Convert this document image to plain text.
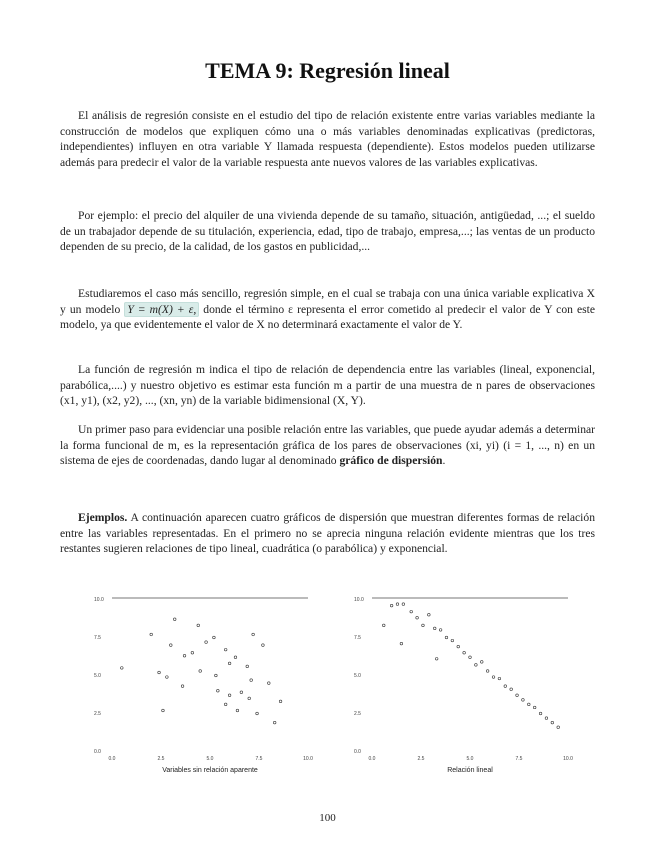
TEMA 9: Regresión lineal

El análisis de regresión consiste en el estudio del tipo de relación existente entre varias variables mediante la construcción de modelos que expliquen cómo una o más variables denominadas explicativas (predictoras, independientes) influyen en otra variable Y llamada respuesta (dependiente). Estos modelos pueden utilizarse además para predecir el valor de la variable respuesta ante nuevos valores de las variables explicativas.

Por ejemplo: el precio del alquiler de una vivienda depende de su tamaño, situación, antigüedad, ...; el sueldo de un trabajador depende de su titulación, experiencia, edad, tipo de trabajo, empresa,...; las ventas de un producto dependen de su precio, de la calidad, de los gastos en publicidad,...

Estudiaremos el caso más sencillo, regresión simple, en el cual se trabaja con una única variable explicativa X y un modelo Y = m(X) + ε, donde el término ε representa el error cometido al predecir el valor de Y con este modelo, ya que evidentemente el valor de X no determinará exactamente el valor de Y.

La función de regresión m indica el tipo de relación de dependencia entre las variables (lineal, exponencial, parabólica,....) y nuestro objetivo es estimar esta función m a partir de una muestra de n pares de observaciones (x1, y1), (x2, y2), ..., (xn, yn) de la variable bidimensional (X, Y).

Un primer paso para evidenciar una posible relación entre las variables, que puede ayudar además a determinar la forma funcional de m, es la representación gráfica de los pares de observaciones (xi, yi) (i = 1, ..., n) en un sistema de ejes de coordenadas, dando lugar al denominado gráfico de dispersión.

Ejemplos. A continuación aparecen cuatro gráficos de dispersión que muestran diferentes formas de relación entre las variables representadas. En el primero no se aprecia ninguna relación evidente mientras que los tres restantes sugieren relaciones de tipo lineal, cuadrática (o parabólica) y exponencial.

0.0
2.5
5.0
7.5
10.0
0.0	2.5	5.0	7.5	10.0
Variables sin relación aparente
0.0
2.5
5.0
7.5
10.0
0.0	2.5	5.0	7.5	10.0
Relación lineal
100
